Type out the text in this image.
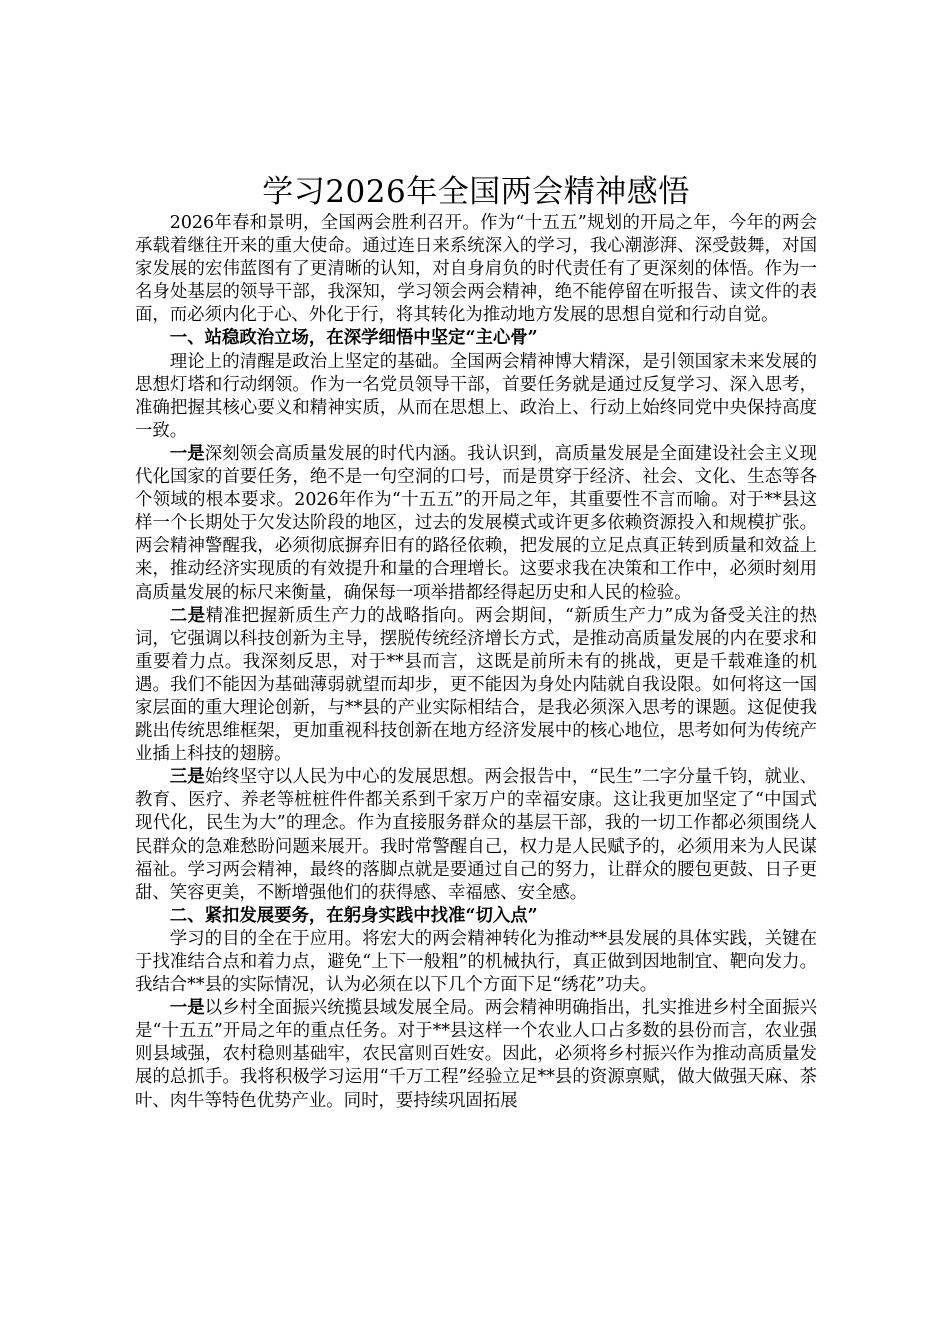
学习2026年全国两会精神感悟

2026年春和景明，全国两会胜利召开。作为“十五五”规划的开局之年，今年的两会承载着继往开来的重大使命。通过连日来系统深入的学习，我心潮澎湃、深受鼓舞，对国家发展的宏伟蓝图有了更清晰的认知，对自身肩负的时代责任有了更深刻的体悟。作为一名身处基层的领导干部，我深知，学习领会两会精神，绝不能停留在听报告、读文件的表面，而必须内化于心、外化于行，将其转化为推动地方发展的思想自觉和行动自觉。

一、站稳政治立场，在深学细悟中坚定“主心骨”

理论上的清醒是政治上坚定的基础。全国两会精神博大精深，是引领国家未来发展的思想灯塔和行动纲领。作为一名党员领导干部，首要任务就是通过反复学习、深入思考，准确把握其核心要义和精神实质，从而在思想上、政治上、行动上始终同党中央保持高度一致。

一是深刻领会高质量发展的时代内涵。我认识到，高质量发展是全面建设社会主义现代化国家的首要任务，绝不是一句空洞的口号，而是贯穿于经济、社会、文化、生态等各个领域的根本要求。2026年作为“十五五”的开局之年，其重要性不言而喻。对于**县这样一个长期处于欠发达阶段的地区，过去的发展模式或许更多依赖资源投入和规模扩张。两会精神警醒我，必须彻底摒弃旧有的路径依赖，把发展的立足点真正转到质量和效益上来，推动经济实现质的有效提升和量的合理增长。这要求我在决策和工作中，必须时刻用高质量发展的标尺来衡量，确保每一项举措都经得起历史和人民的检验。

二是精准把握新质生产力的战略指向。两会期间，“新质生产力”成为备受关注的热词，它强调以科技创新为主导，摆脱传统经济增长方式，是推动高质量发展的内在要求和重要着力点。我深刻反思，对于**县而言，这既是前所未有的挑战，更是千载难逢的机遇。我们不能因为基础薄弱就望而却步，更不能因为身处内陆就自我设限。如何将这一国家层面的重大理论创新，与**县的产业实际相结合，是我必须深入思考的课题。这促使我跳出传统思维框架，更加重视科技创新在地方经济发展中的核心地位，思考如何为传统产业插上科技的翅膀。

三是始终坚守以人民为中心的发展思想。两会报告中，“民生”二字分量千钧，就业、教育、医疗、养老等桩桩件件都关系到千家万户的幸福安康。这让我更加坚定了“中国式现代化，民生为大”的理念。作为直接服务群众的基层干部，我的一切工作都必须围绕人民群众的急难愁盼问题来展开。我时常警醒自己，权力是人民赋予的，必须用来为人民谋福祉。学习两会精神，最终的落脚点就是要通过自己的努力，让群众的腰包更鼓、日子更甜、笑容更美，不断增强他们的获得感、幸福感、安全感。

二、紧扣发展要务，在躬身实践中找准“切入点”

学习的目的全在于应用。将宏大的两会精神转化为推动**县发展的具体实践，关键在于找准结合点和着力点，避免“上下一般粗”的机械执行，真正做到因地制宜、靶向发力。我结合**县的实际情况，认为必须在以下几个方面下足“绣花”功夫。

一是以乡村全面振兴统揽县域发展全局。两会精神明确指出，扎实推进乡村全面振兴是“十五五”开局之年的重点任务。对于**县这样一个农业人口占多数的县份而言，农业强则县域强，农村稳则基础牢，农民富则百姓安。因此，必须将乡村振兴作为推动高质量发展的总抓手。我将积极学习运用“千万工程”经验立足**县的资源禀赋，做大做强天麻、茶叶、肉牛等特色优势产业。同时，要持续巩固拓展
